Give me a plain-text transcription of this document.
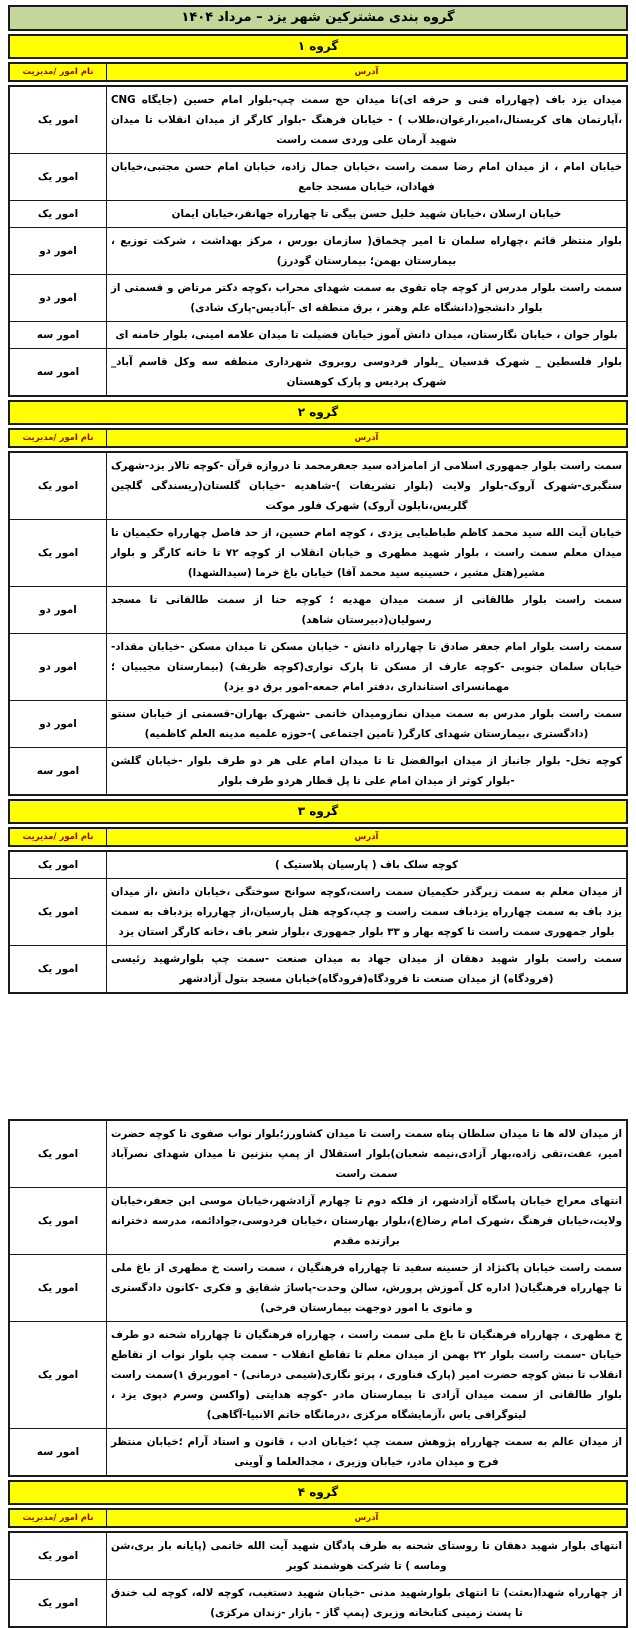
گروه بندی مشترکین شهر یزد – مرداد ۱۴۰۴
گروه ۱
آدرس
نام امور /مدیریت
میدان یزد باف (چهارراه فنی و حرفه ای)تا میدان حج سمت چپ-بلوار امام حسین (جایگاه CNG ،آپارتمان های کریستال،امیر،ارغوان،طلاب ) - خیابان فرهنگ -بلوار کارگر از میدان انقلاب تا میدان شهید آرمان علی وردی سمت راست
امور یک
خیابان امام ، از میدان امام رضا سمت راست ،خیابان جمال زاده، خیابان امام حسن مجتبی،خیابان فهادان، خیابان مسجد جامع
امور یک
خیابان ارسلان ،خیابان شهید خلیل حسن بیگی تا چهارراه جهانفر،خیابان ایمان
امور یک
بلوار منتظر قائم ،چهاراه سلمان تا امیر چخماق( سازمان بورس ، مرکز بهداشت ، شرکت توزیع ، بیمارستان بهمن؛ بیمارستان گودرز)
امور دو
سمت راست بلوار مدرس از کوچه چاه تقوی به سمت شهدای محراب ،کوچه دکتر مرتاض و قسمتی از بلوار دانشجو(دانشگاه علم وهنر ، برق منطقه ای -آبادیس-پارک شادی)
امور دو
بلوار جوان ، خیابان نگارستان، میدان دانش آموز خیابان فضیلت تا میدان علامه امینی، بلوار خامنه ای
امور سه
بلوار فلسطین _ شهرک قدسیان _بلوار فردوسی روبروی شهرداری منطقه سه وکل قاسم آباد_ شهرک پردیس و پارک کوهستان
امور سه
گروه ۲
آدرس
نام امور /مدیریت
سمت راست بلوار جمهوری اسلامی از امامزاده سید جعفرمحمد تا دروازه قرآن -کوچه تالار یزد-شهرک سنگبری-شهرک آروک-بلوار ولایت (بلوار تشریفات )-شاهدیه -خیابان گلستان(ریسندگی گلچین گلریس،نایلون آروک) شهرک فلور موکت
امور یک
خیابان آیت الله سید محمد کاظم طباطبایی یزدی ، کوچه امام حسین، از حد فاصل چهارراه حکیمیان تا میدان معلم سمت راست ، بلوار شهید مطهری و خیابان انقلاب از کوچه ۷۲ تا خانه کارگر و بلوار مشیر(هتل مشیر ، حسینیه سید محمد آقا) خیابان باغ خرما (سیدالشهدا)
امور یک
سمت راست بلوار طالقانی از سمت میدان مهدیه ؛ کوچه حنا از سمت طالقانی تا مسجد رسولیان(دبیرستان شاهد)
امور دو
سمت راست بلوار امام جعفر صادق تا چهارراه دانش - خیابان مسکن تا میدان مسکن -خیابان مقداد-خیابان سلمان جنوبی -کوچه عارف از مسکن تا پارک نواری(کوچه ظریف) (بیمارستان مجیبیان ؛ مهمانسرای استانداری ،دفتر امام جمعه-امور برق دو یزد)
امور دو
سمت راست بلوار مدرس به سمت میدان نمازومیدان خاتمی -شهرک بهاران-قسمتی از خیابان سنتو (دادگستری ،بیمارستان شهدای کارگر( تامین اجتماعی )-حوزه علمیه مدینه العلم کاظمیه)
امور دو
کوچه نخل- بلوار جانباز از میدان ابوالفضل تا تا میدان امام علی هر دو طرف بلوار -خیابان گلشن -بلوار کوثر از میدان امام علی تا پل قطار هردو طرف بلوار
امور سه
گروه ۳
آدرس
نام امور /مدیریت
کوچه سلک باف ( پارسیان پلاستیک )
امور یک
از میدان معلم به سمت زیرگذر حکیمیان سمت راست،کوچه سوانح سوختگی ،خیابان دانش ،از میدان یزد باف به سمت چهارراه یزدباف سمت راست و چپ،کوچه هتل پارسیان،از چهارراه یزدباف به سمت بلوار جمهوری سمت راست تا کوچه بهار و ۳۳ بلوار جمهوری ،بلوار شعر باف ،خانه کارگر استان یزد
امور یک
سمت راست بلوار شهید دهقان از میدان جهاد به میدان صنعت -سمت چپ بلوارشهید رئیسی (فرودگاه) از میدان صنعت تا فرودگاه(فرودگاه)خیابان مسجد بتول آزادشهر
امور یک
از میدان لاله ها تا میدان سلطان پناه سمت راست تا میدان کشاورز؛بلوار نواب صفوی تا کوچه حضرت امیر، عفت،تقی زاده،بهار آزادی،نیمه شعبان)بلوار استقلال از پمپ بنزنین تا میدان شهدای نصرآباد سمت راست
امور یک
انتهای معراج خیابان پاسگاه آزادشهر، از فلکه دوم تا چهارم آزادشهر،خیابان موسی ابن جعفر،خیابان ولایت،خیابان فرهنگ ،شهرک امام رضا(ع)،بلوار بهارستان ،خیابان فردوسی،جوادائمه، مدرسه دخترانه برازنده مقدم
امور یک
سمت راست خیابان پاکنژاد از حسینه سفید تا چهارراه فرهنگیان ، سمت راست خ مطهری از باغ ملی تا چهارراه فرهنگیان( اداره کل آموزش پرورش، سالن وحدت-پاساژ شقایق و فکری -کانون دادگستری و مانوی با امور دوجهت بیمارستان فرخی)
امور یک
خ مطهری ، چهارراه فرهنگیان تا باغ ملی سمت راست ، چهارراه فرهنگیان تا چهارراه شحنه دو طرف خیابان -سمت راست بلوار ۲۲ بهمن از میدان معلم تا تقاطع انقلاب - سمت چپ بلوار نواب از تقاطع انقلاب تا نبش کوچه حضرت امیر (پارک فناوری ، پرتو نگاری(شیمی درمانی) - اموربرق ۱)سمت راست بلوار طالقانی از سمت میدان آزادی تا بیمارستان مادر -کوچه هدایتی (واکسن وسرم دپوی یزد ، لیتوگرافی یاس ،آزمایشگاه مرکزی ،درمانگاه خاتم الانبیا-آگاهی)
امور یک
از میدان عالم به سمت چهارراه پژوهش سمت چپ ؛خیابان ادب ، قانون و استاد آرام ؛خیابان منتظر فرج و میدان مادر، خیابان وزیری ، مجدالعلما و آوینی
امور سه
گروه ۴
آدرس
نام امور /مدیریت
انتهای بلوار شهید دهقان تا روستای شحنه به طرف پادگان شهید آیت الله خاتمی (پایانه بار بری،شن وماسه ) تا شرکت هوشمند کویر
امور یک
از چهارراه شهدا(بعثت) تا انتهای بلوارشهید مدنی -خیابان شهید دستغیب، کوچه لاله، کوچه لب خندق تا پست زمینی کتابخانه وزیری (پمپ گاز - بازار -زندان مرکزی)
امور یک
